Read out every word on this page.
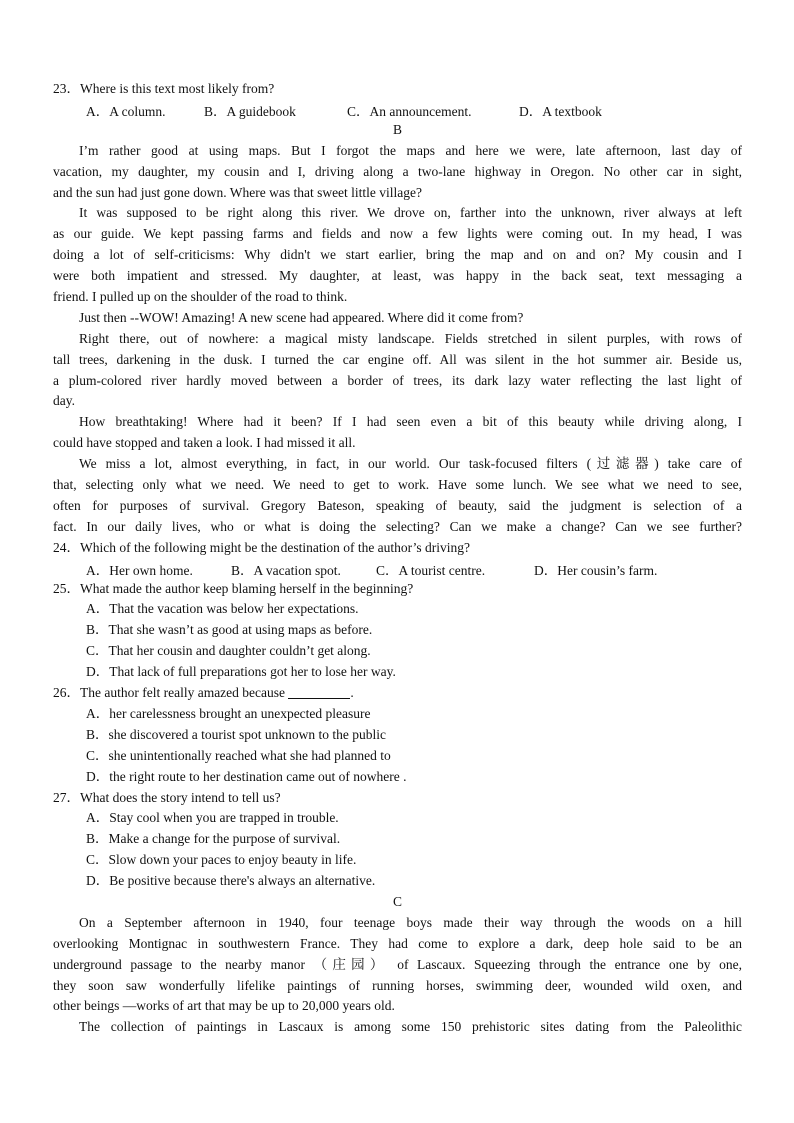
23．Where is this text most likely from?
A．A column.	B．A guidebook	C．An announcement.	D．A textbook
B
I’m rather good at using maps. But I forgot the maps and here we were, late afternoon, last day of
vacation, my daughter, my cousin and I, driving along a two-lane highway in Oregon. No other car in sight,
and the sun had just gone down. Where was that sweet little village?
It was supposed to be right along this river. We drove on, farther into the unknown, river always at left
as our guide. We kept passing farms and fields and now a few lights were coming out. In my head, I was
doing a lot of self-criticisms: Why didn't we start earlier, bring the map and on and on? My cousin and I
were both impatient and stressed. My daughter, at least, was happy in the back seat, text messaging a
friend. I pulled up on the shoulder of the road to think.
Just then --WOW! Amazing! A new scene had appeared. Where did it come from?
Right there, out of nowhere: a magical misty landscape. Fields stretched in silent purples, with rows of
tall trees, darkening in the dusk. I turned the car engine off. All was silent in the hot summer air. Beside us,
a plum-colored river hardly moved between a border of trees, its dark lazy water reflecting the last light of
day.
How breathtaking! Where had it been? If I had seen even a bit of this beauty while driving along, I
could have stopped and taken a look. I had missed it all.
We miss a lot, almost everything, in fact, in our world. Our task-focused filters (过滤器) take care of
that, selecting only what we need. We need to get to work. Have some lunch. We see what we need to see,
often for purposes of survival. Gregory Bateson, speaking of beauty, said the judgment is selection of a
fact. In our daily lives, who or what is doing the selecting? Can we make a change? Can we see further?
24．Which of the following might be the destination of the author’s driving?
A．Her own home.	B．A vacation spot.	C．A tourist centre.	D．Her cousin’s farm.
25．What made the author keep blaming herself in the beginning?
A．That the vacation was below her expectations.
B．That she wasn’t as good at using maps as before.
C．That her cousin and daughter couldn’t get along.
D．That lack of full preparations got her to lose her way.
26．The author felt really amazed because	.
A．her carelessness brought an unexpected pleasure
B．she discovered a tourist spot unknown to the public
C．she unintentionally reached what she had planned to
D．the right route to her destination came out of nowhere .
27．What does the story intend to tell us?
A．Stay cool when you are trapped in trouble.
B．Make a change for the purpose of survival.
C．Slow down your paces to enjoy beauty in life.
D．Be positive because there's always an alternative.
C
On a September afternoon in 1940, four teenage boys made their way through the woods on a hill
overlooking Montignac in southwestern France. They had come to explore a dark, deep hole said to be an
underground passage to the nearby manor （庄园） of Lascaux. Squeezing through the entrance one by one,
they soon saw wonderfully lifelike paintings of running horses, swimming deer, wounded wild oxen, and
other beings —works of art that may be up to 20,000 years old.
The collection of paintings in Lascaux is among some 150 prehistoric sites dating from the Paleolithic
